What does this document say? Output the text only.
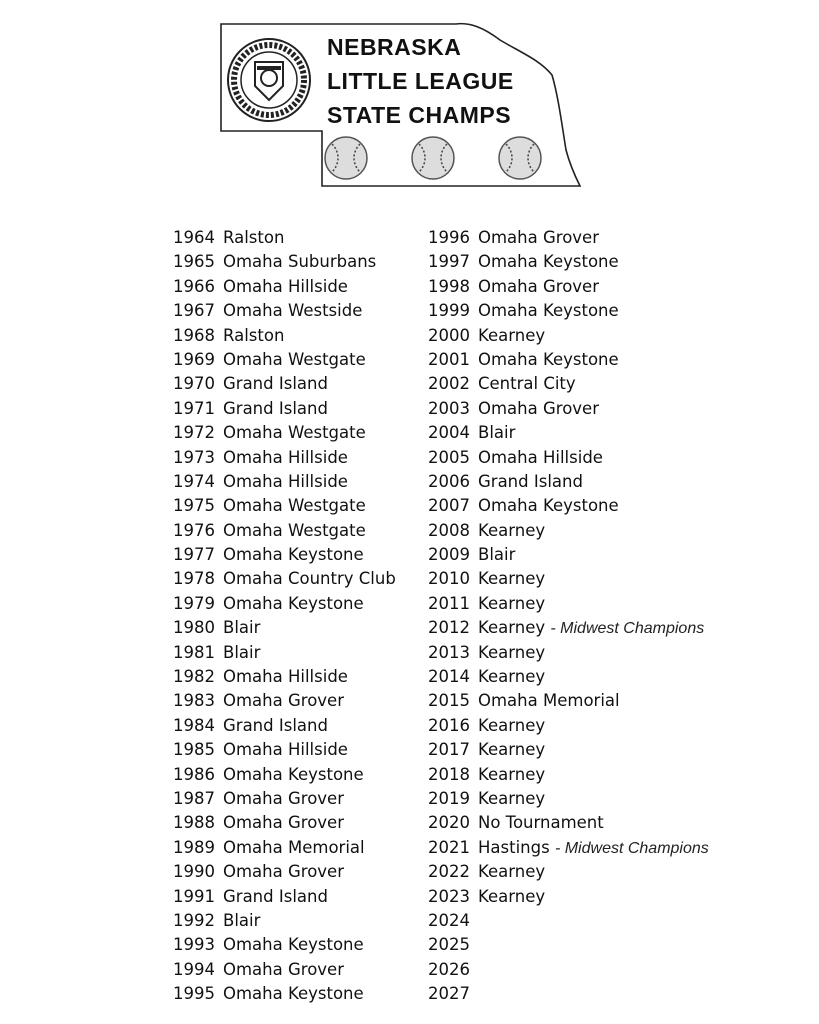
NEBRASKA
LITTLE LEAGUE
STATE CHAMPS
1964 Ralston
1965 Omaha Suburbans
1966 Omaha Hillside
1967 Omaha Westside
1968 Ralston
1969 Omaha Westgate
1970 Grand Island
1971 Grand Island
1972 Omaha Westgate
1973 Omaha Hillside
1974 Omaha Hillside
1975 Omaha Westgate
1976 Omaha Westgate
1977 Omaha Keystone
1978 Omaha Country Club
1979 Omaha Keystone
1980 Blair
1981 Blair
1982 Omaha Hillside
1983 Omaha Grover
1984 Grand Island
1985 Omaha Hillside
1986 Omaha Keystone
1987 Omaha Grover
1988 Omaha Grover
1989 Omaha Memorial
1990 Omaha Grover
1991 Grand Island
1992 Blair
1993 Omaha Keystone
1994 Omaha Grover
1995 Omaha Keystone
1996 Omaha Grover
1997 Omaha Keystone
1998 Omaha Grover
1999 Omaha Keystone
2000 Kearney
2001 Omaha Keystone
2002 Central City
2003 Omaha Grover
2004 Blair
2005 Omaha Hillside
2006 Grand Island
2007 Omaha Keystone
2008 Kearney
2009 Blair
2010 Kearney
2011 Kearney
2012 Kearney - Midwest Champions
2013 Kearney
2014 Kearney
2015 Omaha Memorial
2016 Kearney
2017 Kearney
2018 Kearney
2019 Kearney
2020 No Tournament
2021 Hastings - Midwest Champions
2022 Kearney
2023 Kearney
2024
2025
2026
2027
